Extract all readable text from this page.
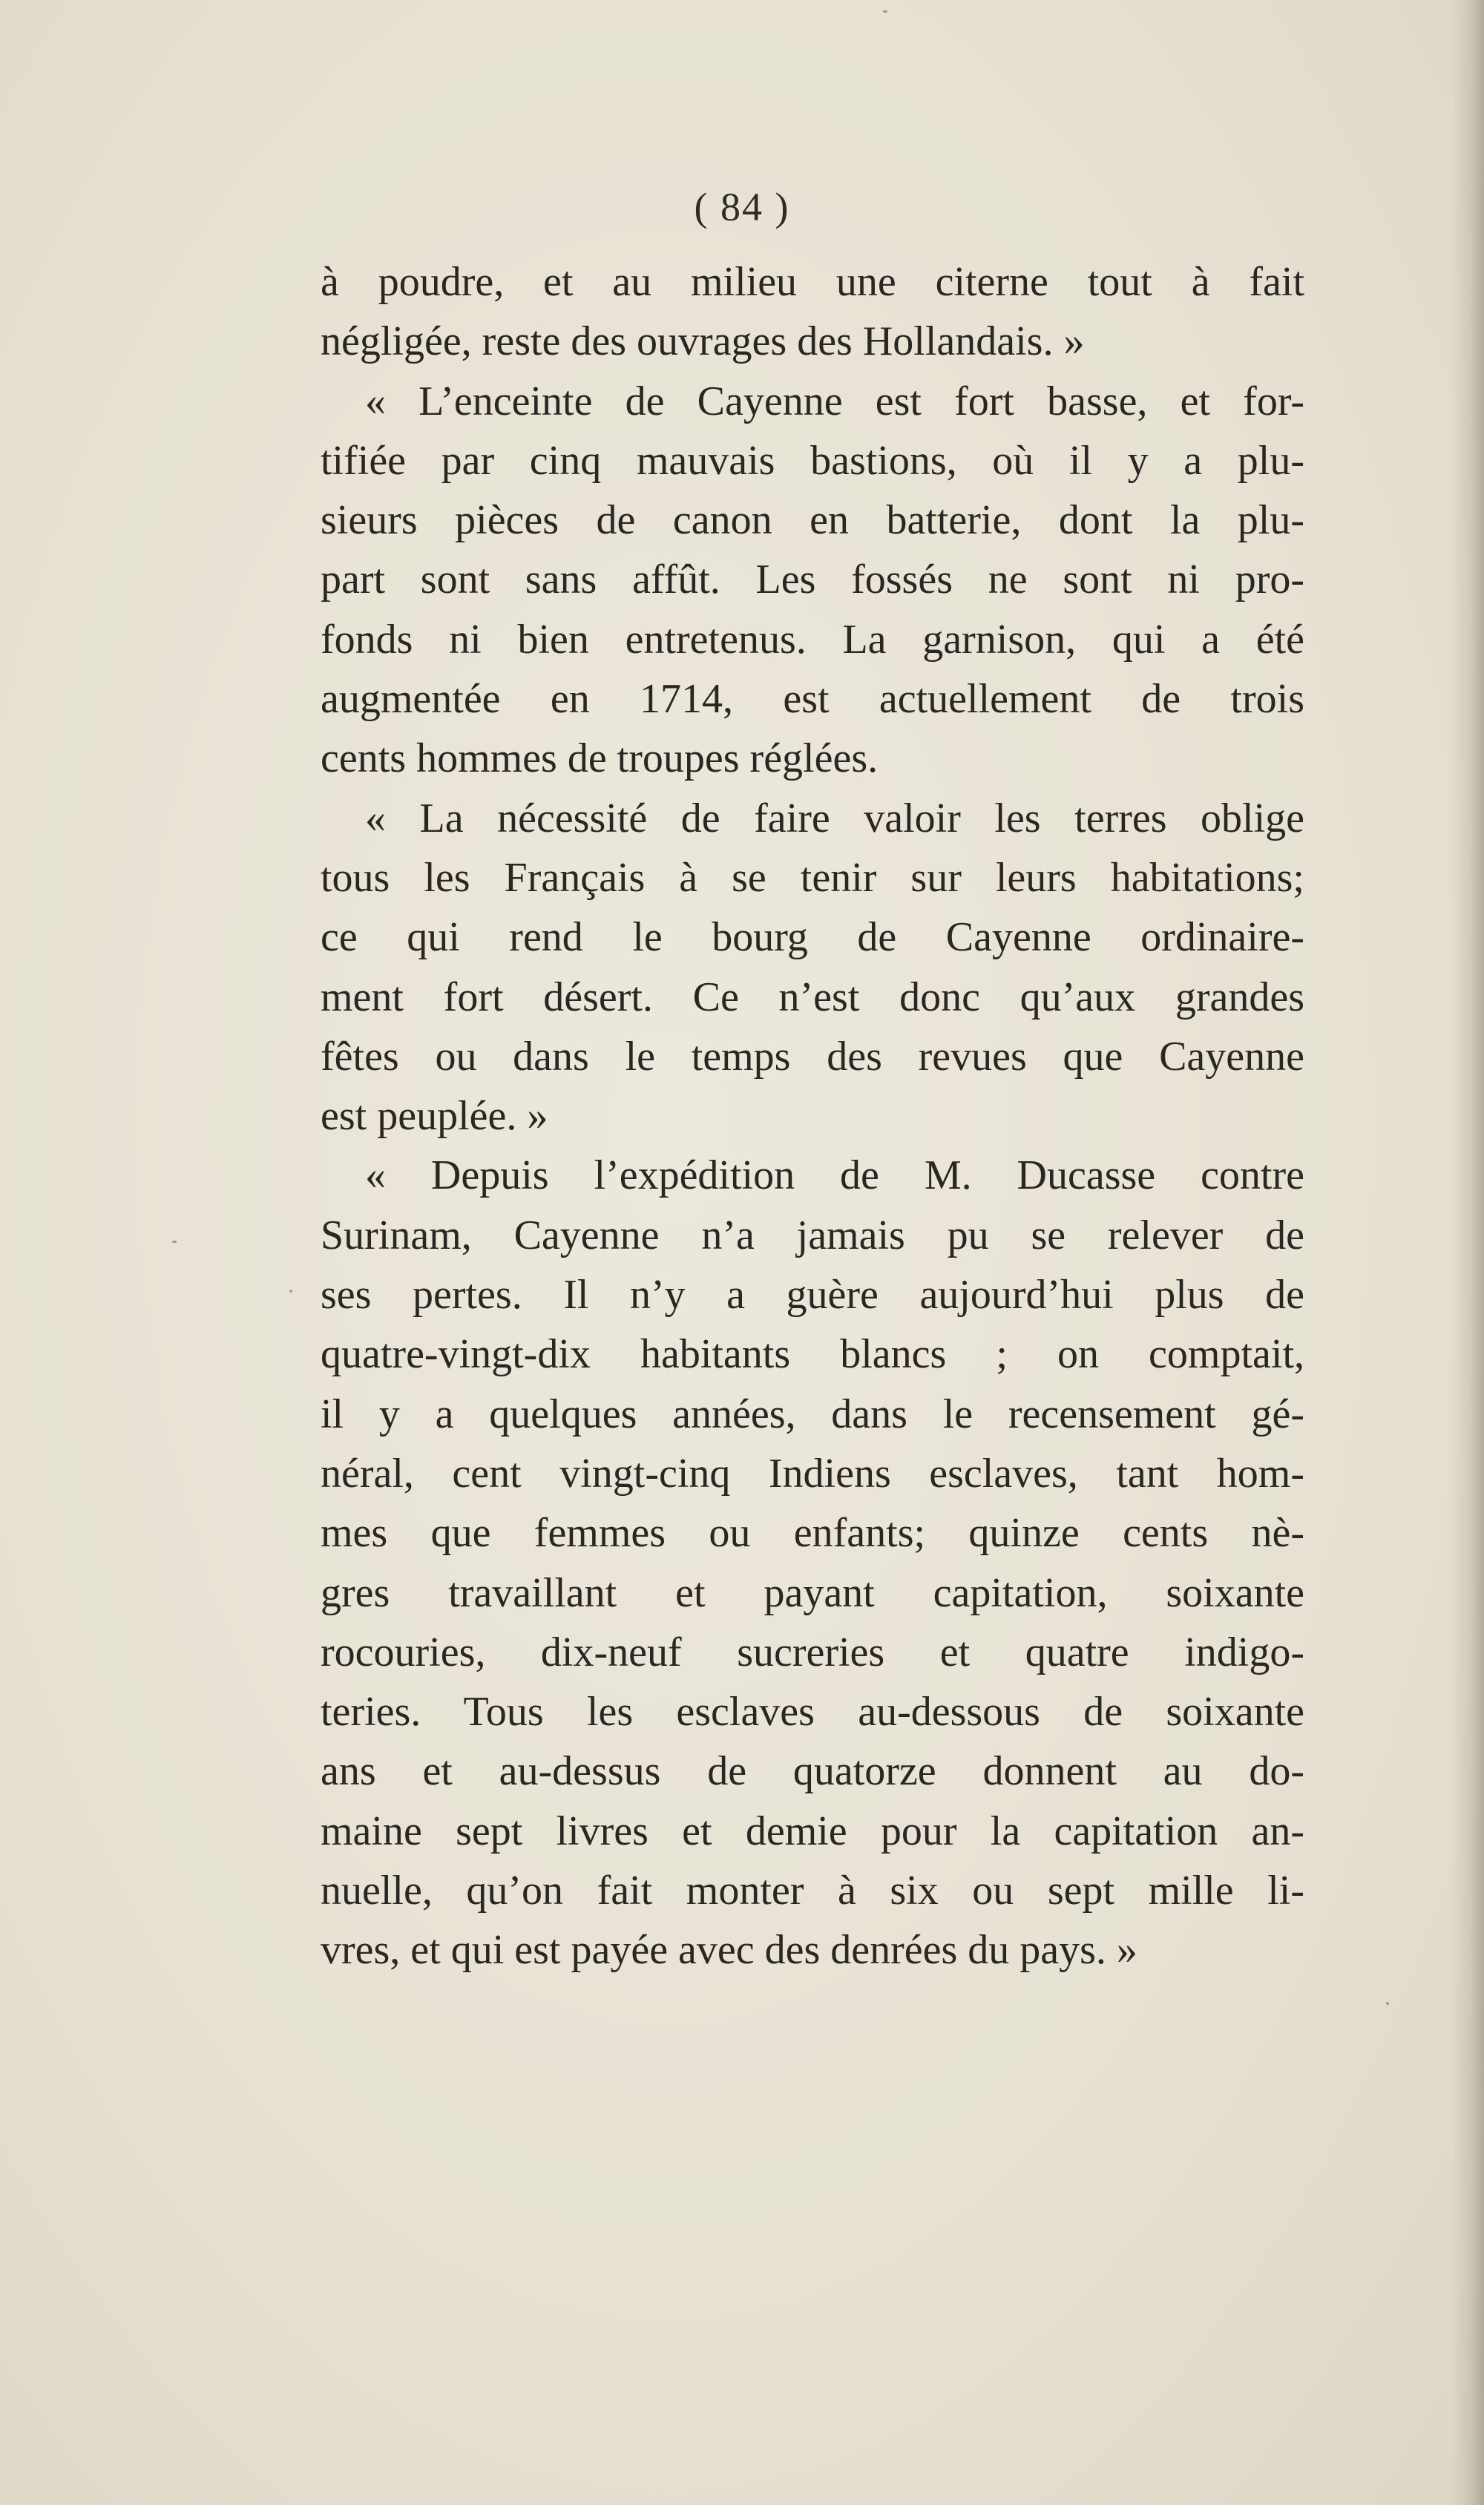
( 84 )
à poudre, et au milieu une citerne tout à fait
négligée, reste des ouvrages des Hollandais. »
« L’enceinte de Cayenne est fort basse, et for-
tifiée par cinq mauvais bastions, où il y a plu-
sieurs pièces de canon en batterie, dont la plu-
part sont sans affût. Les fossés ne sont ni pro-
fonds ni bien entretenus. La garnison, qui a été
augmentée en 1714, est actuellement de trois
cents hommes de troupes réglées.
« La nécessité de faire valoir les terres oblige
tous les Français à se tenir sur leurs habitations;
ce qui rend le bourg de Cayenne ordinaire-
ment fort désert. Ce n’est donc qu’aux grandes
fêtes ou dans le temps des revues que Cayenne
est peuplée. »
« Depuis l’expédition de M. Ducasse contre
Surinam, Cayenne n’a jamais pu se relever de
ses pertes. Il n’y a guère aujourd’hui plus de
quatre-vingt-dix habitants blancs ; on comptait,
il y a quelques années, dans le recensement gé-
néral, cent vingt-cinq Indiens esclaves, tant hom-
mes que femmes ou enfants; quinze cents nè-
gres travaillant et payant capitation, soixante
rocouries, dix-neuf sucreries et quatre indigo-
teries. Tous les esclaves au-dessous de soixante
ans et au-dessus de quatorze donnent au do-
maine sept livres et demie pour la capitation an-
nuelle, qu’on fait monter à six ou sept mille li-
vres, et qui est payée avec des denrées du pays. »
